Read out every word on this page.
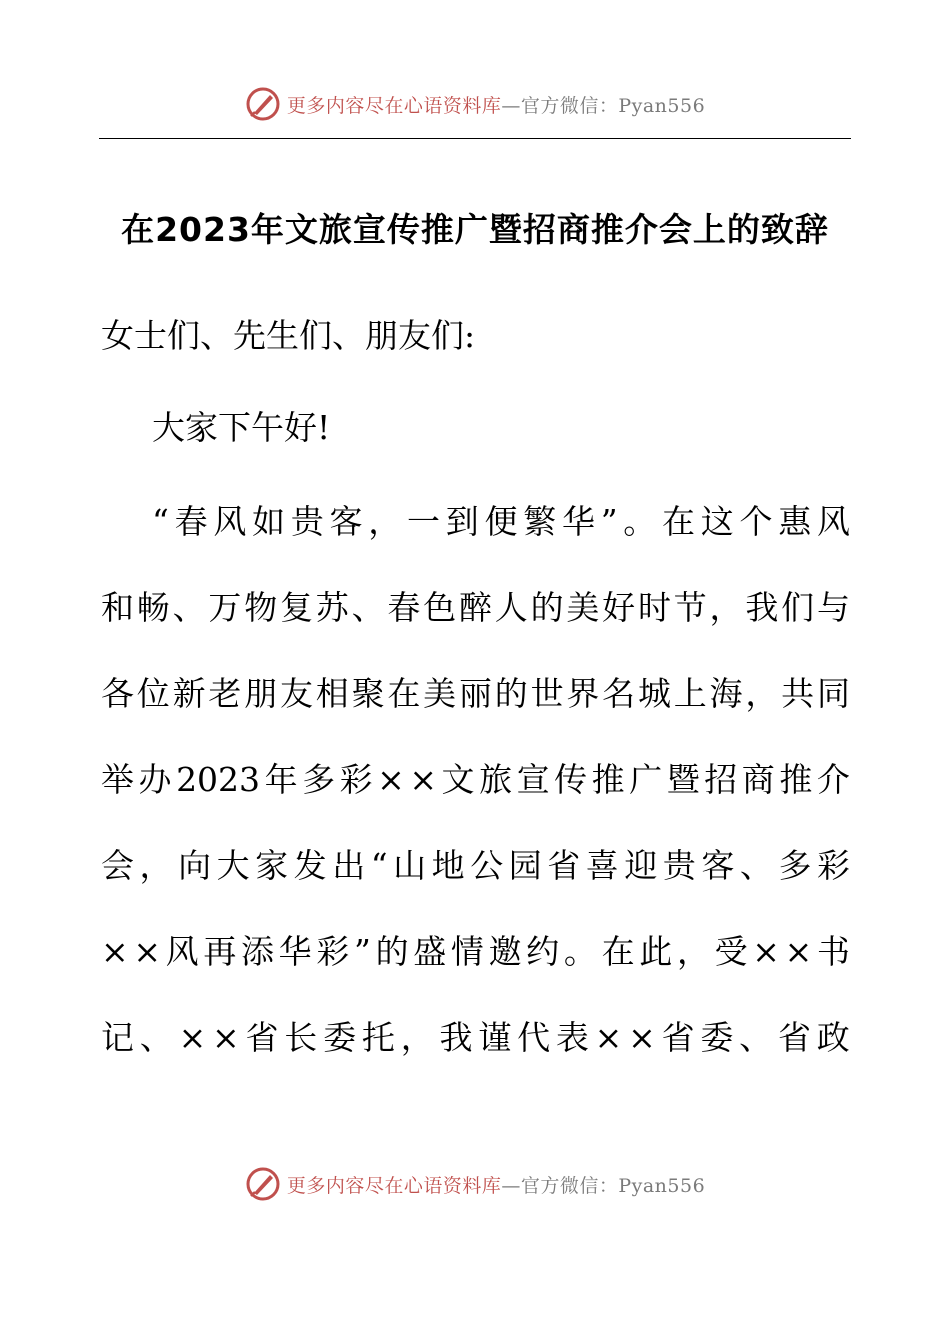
更多内容尽在心语资料库—官方微信：Pyan556
在2023年文旅宣传推广暨招商推介会上的致辞
女士们、先生们、朋友们:
大家下午好!
“ 春 风 如 贵 客 ， 一 到 便 繁 华 ” 。 在 这 个 惠 风
和 畅 、 万 物 复 苏 、 春 色 醉 人 的 美 好 时 节 ， 我 们 与
各 位 新 老 朋 友 相 聚 在 美 丽 的 世 界 名 城 上 海 ， 共 同
举 办 2023 年 多 彩 × × 文 旅 宣 传 推 广 暨 招 商 推 介
会 ， 向 大 家 发 出 “ 山 地 公 园 省 喜 迎 贵 客 、 多 彩
× × 风 再 添 华 彩 ” 的 盛 情 邀 约 。 在 此 ， 受 × × 书
记 、 × × 省 长 委 托 ， 我 谨 代 表 × × 省 委 、 省 政
更多内容尽在心语资料库—官方微信：Pyan556
